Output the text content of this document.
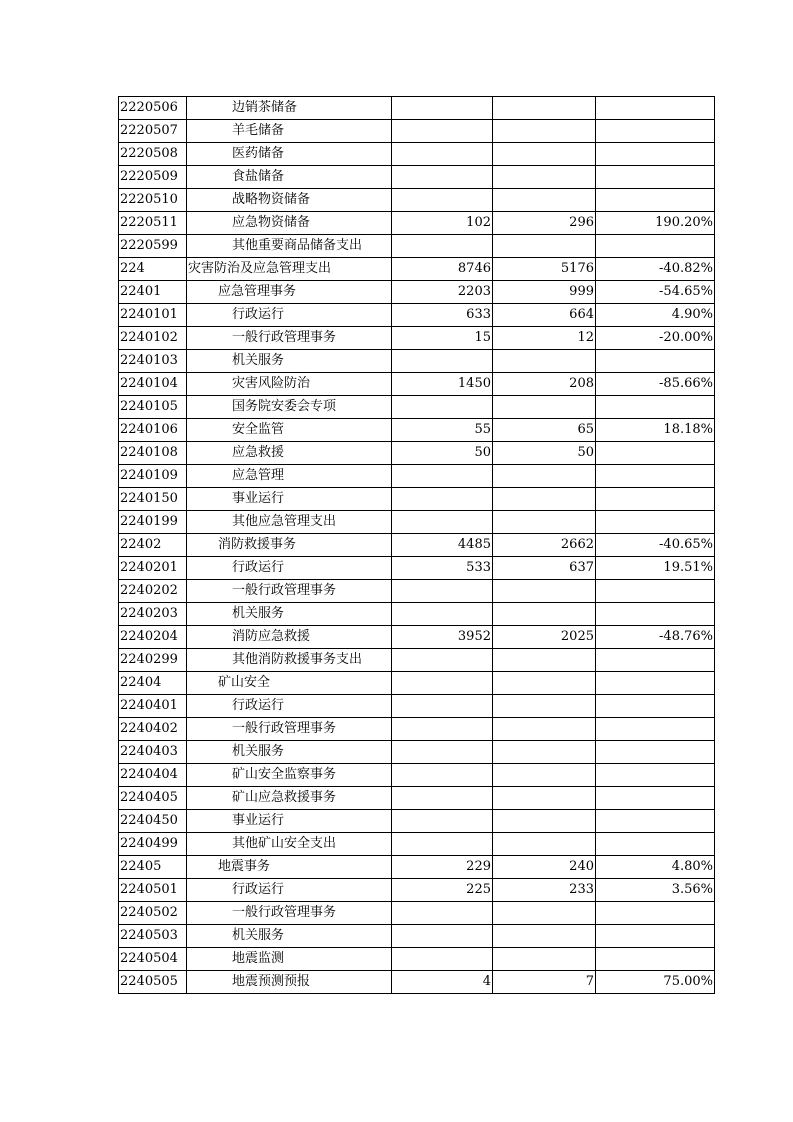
2220506	边销茶储备			
2220507	羊毛储备			
2220508	医药储备			
2220509	食盐储备			
2220510	战略物资储备			
2220511	应急物资储备	102	296	190.20%
2220599	其他重要商品储备支出			
224	灾害防治及应急管理支出	8746	5176	-40.82%
22401	应急管理事务	2203	999	-54.65%
2240101	行政运行	633	664	4.90%
2240102	一般行政管理事务	15	12	-20.00%
2240103	机关服务			
2240104	灾害风险防治	1450	208	-85.66%
2240105	国务院安委会专项			
2240106	安全监管	55	65	18.18%
2240108	应急救援	50	50	
2240109	应急管理			
2240150	事业运行			
2240199	其他应急管理支出			
22402	消防救援事务	4485	2662	-40.65%
2240201	行政运行	533	637	19.51%
2240202	一般行政管理事务			
2240203	机关服务			
2240204	消防应急救援	3952	2025	-48.76%
2240299	其他消防救援事务支出			
22404	矿山安全			
2240401	行政运行			
2240402	一般行政管理事务			
2240403	机关服务			
2240404	矿山安全监察事务			
2240405	矿山应急救援事务			
2240450	事业运行			
2240499	其他矿山安全支出			
22405	地震事务	229	240	4.80%
2240501	行政运行	225	233	3.56%
2240502	一般行政管理事务			
2240503	机关服务			
2240504	地震监测			
2240505	地震预测预报	4	7	75.00%
